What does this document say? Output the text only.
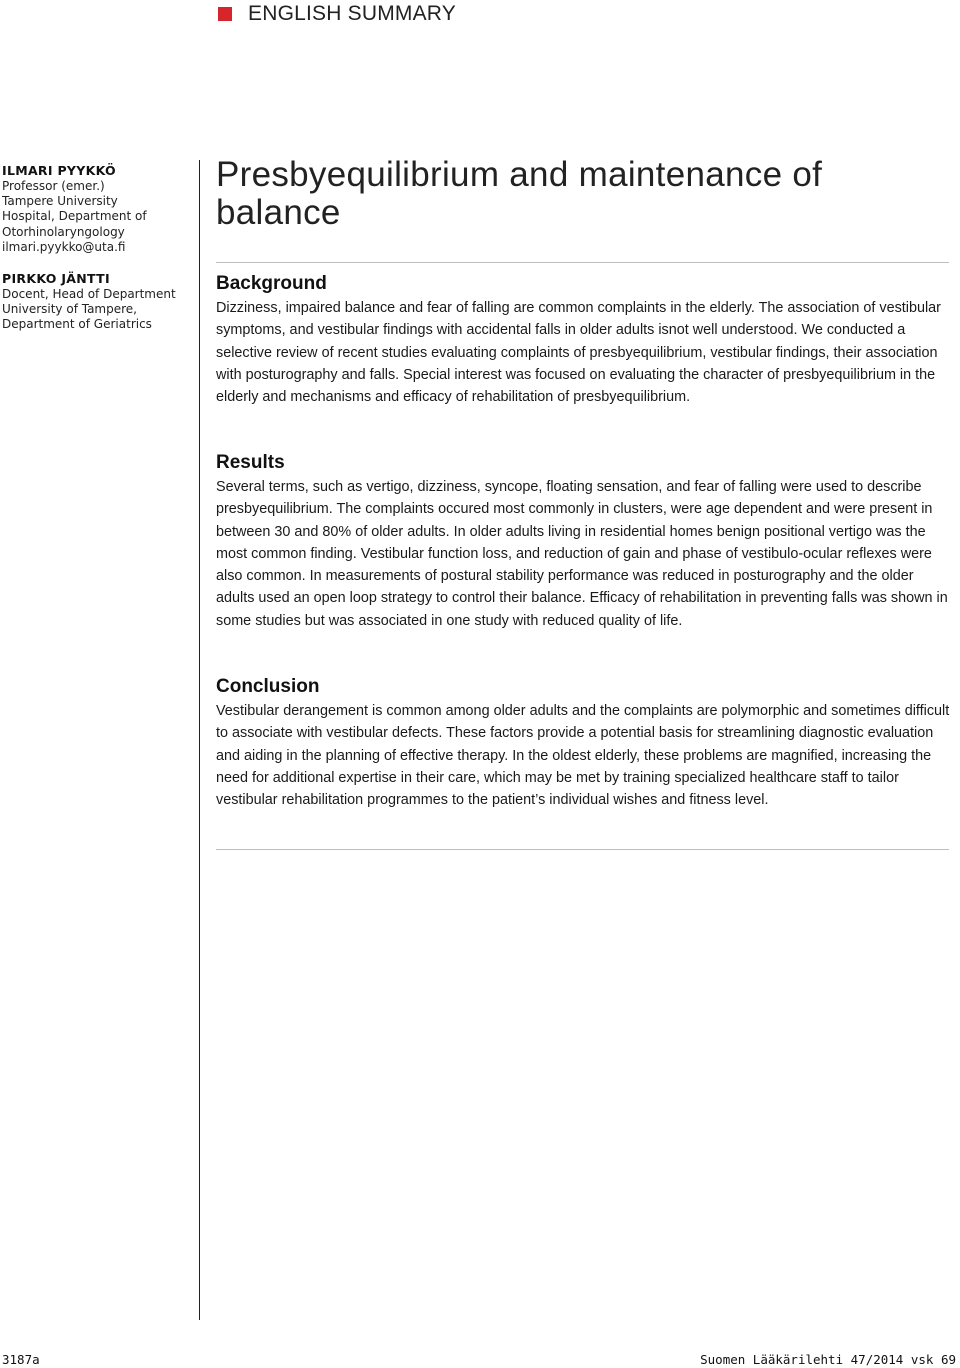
ENGLISH SUMMARY
ILMARI PYYKKÖ
Professor (emer.)
Tampere University
Hospital, Department of
Otorhinolaryngology
ilmari.pyykko@uta.fi
PIRKKO JÄNTTI
Docent, Head of Department
University of Tampere,
Department of Geriatrics
Presbyequilibrium and maintenance of balance
Background

Dizziness, impaired balance and fear of falling are common complaints in the elderly. The association of vestibular symptoms, and vestibular findings with accidental falls in older adults isnot well understood. We conducted a selective review of recent studies evaluating complaints of presbyequilibrium, vestibular findings, their association with posturography and falls. Special interest was focused on evaluating the character of presbyequilibrium in the elderly and mechanisms and efficacy of rehabilitation of presbyequilibrium.

Results

Several terms, such as vertigo, dizziness, syncope, floating sensation, and fear of falling were used to describe presbyequilibrium. The complaints occured most commonly in clusters, were age dependent and were present in between 30 and 80% of older adults. In older adults living in residential homes benign positional vertigo was the most common finding. Vestibular function loss, and reduction of gain and phase of vestibulo-ocular reflexes were also common. In measurements of postural stability performance was reduced in posturography and the older adults used an open loop strategy to control their balance. Efficacy of rehabilitation in preventing falls was shown in some studies but was associated in one study with reduced quality of life.

Conclusion

Vestibular derangement is common among older adults and the complaints are polymorphic and sometimes difficult to associate with vestibular defects. These factors provide a potential basis for streamlining diagnostic evaluation and aiding in the planning of effective therapy. In the oldest elderly, these problems are magnified, increasing the need for additional expertise in their care, which may be met by training specialized healthcare staff to tailor vestibular rehabilitation programmes to the patient’s individual wishes and fitness level.

3187a	Suomen Lääkärilehti 47/2014 vsk 69
